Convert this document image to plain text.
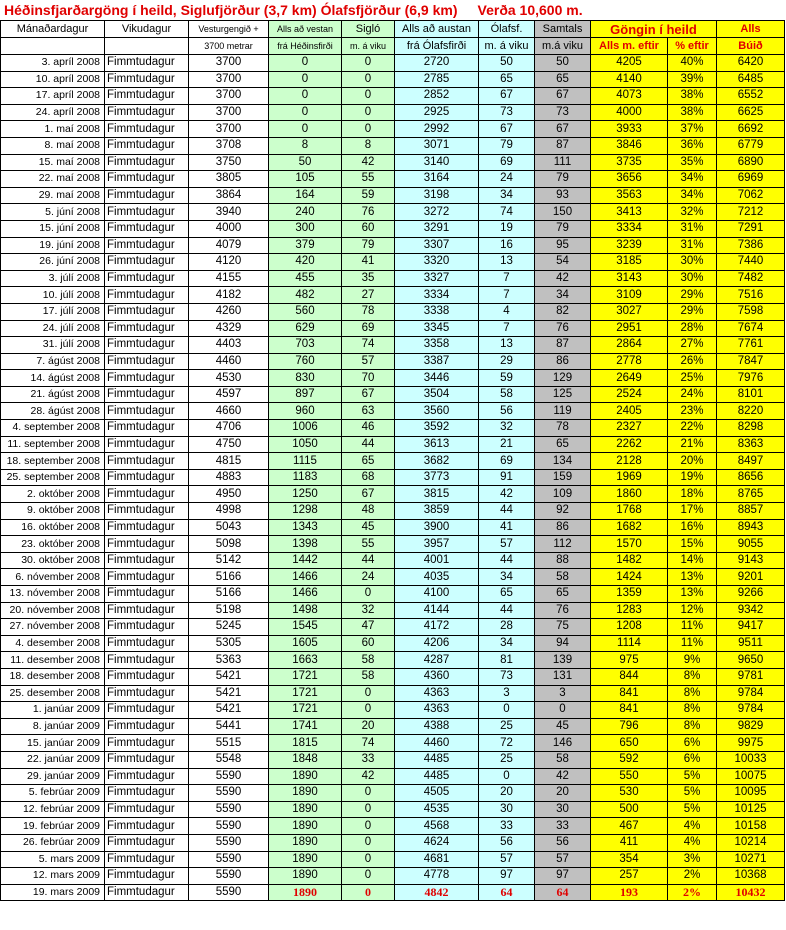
Héðinsfjarðargöng í heild, Siglufjörður (3,7 km) Ólafsfjörður (6,9 km) Verða 10,600 m.
Mánaðardagur	Vikudagur	Vesturgengið +	Alls að vestan	Sigló	Alls að austan	Ólafsf.	Samtals	Göngin í heild		Alls
		3700 metrar	frá Héðinsfirði	m. á viku	frá Ólafsfirði	m. á viku	m.á viku	Alls m. eftir	% eftir	Búið
3. apríl 2008	Fimmtudagur	3700	0	0	2720	50	50	4205	40%	6420
10. apríl 2008	Fimmtudagur	3700	0	0	2785	65	65	4140	39%	6485
17. apríl 2008	Fimmtudagur	3700	0	0	2852	67	67	4073	38%	6552
24. apríl 2008	Fimmtudagur	3700	0	0	2925	73	73	4000	38%	6625
1. maí 2008	Fimmtudagur	3700	0	0	2992	67	67	3933	37%	6692
8. maí 2008	Fimmtudagur	3708	8	8	3071	79	87	3846	36%	6779
15. maí 2008	Fimmtudagur	3750	50	42	3140	69	111	3735	35%	6890
22. maí 2008	Fimmtudagur	3805	105	55	3164	24	79	3656	34%	6969
29. maí 2008	Fimmtudagur	3864	164	59	3198	34	93	3563	34%	7062
5. júní 2008	Fimmtudagur	3940	240	76	3272	74	150	3413	32%	7212
15. júní 2008	Fimmtudagur	4000	300	60	3291	19	79	3334	31%	7291
19. júní 2008	Fimmtudagur	4079	379	79	3307	16	95	3239	31%	7386
26. júní 2008	Fimmtudagur	4120	420	41	3320	13	54	3185	30%	7440
3. júlí 2008	Fimmtudagur	4155	455	35	3327	7	42	3143	30%	7482
10. júlí 2008	Fimmtudagur	4182	482	27	3334	7	34	3109	29%	7516
17. júlí 2008	Fimmtudagur	4260	560	78	3338	4	82	3027	29%	7598
24. júlí 2008	Fimmtudagur	4329	629	69	3345	7	76	2951	28%	7674
31. júlí 2008	Fimmtudagur	4403	703	74	3358	13	87	2864	27%	7761
7. ágúst 2008	Fimmtudagur	4460	760	57	3387	29	86	2778	26%	7847
14. ágúst 2008	Fimmtudagur	4530	830	70	3446	59	129	2649	25%	7976
21. ágúst 2008	Fimmtudagur	4597	897	67	3504	58	125	2524	24%	8101
28. ágúst 2008	Fimmtudagur	4660	960	63	3560	56	119	2405	23%	8220
4. september 2008	Fimmtudagur	4706	1006	46	3592	32	78	2327	22%	8298
11. september 2008	Fimmtudagur	4750	1050	44	3613	21	65	2262	21%	8363
18. september 2008	Fimmtudagur	4815	1115	65	3682	69	134	2128	20%	8497
25. september 2008	Fimmtudagur	4883	1183	68	3773	91	159	1969	19%	8656
2. október 2008	Fimmtudagur	4950	1250	67	3815	42	109	1860	18%	8765
9. október 2008	Fimmtudagur	4998	1298	48	3859	44	92	1768	17%	8857
16. október 2008	Fimmtudagur	5043	1343	45	3900	41	86	1682	16%	8943
23. október 2008	Fimmtudagur	5098	1398	55	3957	57	112	1570	15%	9055
30. október 2008	Fimmtudagur	5142	1442	44	4001	44	88	1482	14%	9143
6. nóvember 2008	Fimmtudagur	5166	1466	24	4035	34	58	1424	13%	9201
13. nóvember 2008	Fimmtudagur	5166	1466	0	4100	65	65	1359	13%	9266
20. nóvember 2008	Fimmtudagur	5198	1498	32	4144	44	76	1283	12%	9342
27. nóvember 2008	Fimmtudagur	5245	1545	47	4172	28	75	1208	11%	9417
4. desember 2008	Fimmtudagur	5305	1605	60	4206	34	94	1114	11%	9511
11. desember 2008	Fimmtudagur	5363	1663	58	4287	81	139	975	9%	9650
18. desember 2008	Fimmtudagur	5421	1721	58	4360	73	131	844	8%	9781
25. desember 2008	Fimmtudagur	5421	1721	0	4363	3	3	841	8%	9784
1. janúar 2009	Fimmtudagur	5421	1721	0	4363	0	0	841	8%	9784
8. janúar 2009	Fimmtudagur	5441	1741	20	4388	25	45	796	8%	9829
15. janúar 2009	Fimmtudagur	5515	1815	74	4460	72	146	650	6%	9975
22. janúar 2009	Fimmtudagur	5548	1848	33	4485	25	58	592	6%	10033
29. janúar 2009	Fimmtudagur	5590	1890	42	4485	0	42	550	5%	10075
5. febrúar 2009	Fimmtudagur	5590	1890	0	4505	20	20	530	5%	10095
12. febrúar 2009	Fimmtudagur	5590	1890	0	4535	30	30	500	5%	10125
19. febrúar 2009	Fimmtudagur	5590	1890	0	4568	33	33	467	4%	10158
26. febrúar 2009	Fimmtudagur	5590	1890	0	4624	56	56	411	4%	10214
5. mars 2009	Fimmtudagur	5590	1890	0	4681	57	57	354	3%	10271
12. mars 2009	Fimmtudagur	5590	1890	0	4778	97	97	257	2%	10368
19. mars 2009	Fimmtudagur	5590	1890	0	4842	64	64	193	2%	10432
